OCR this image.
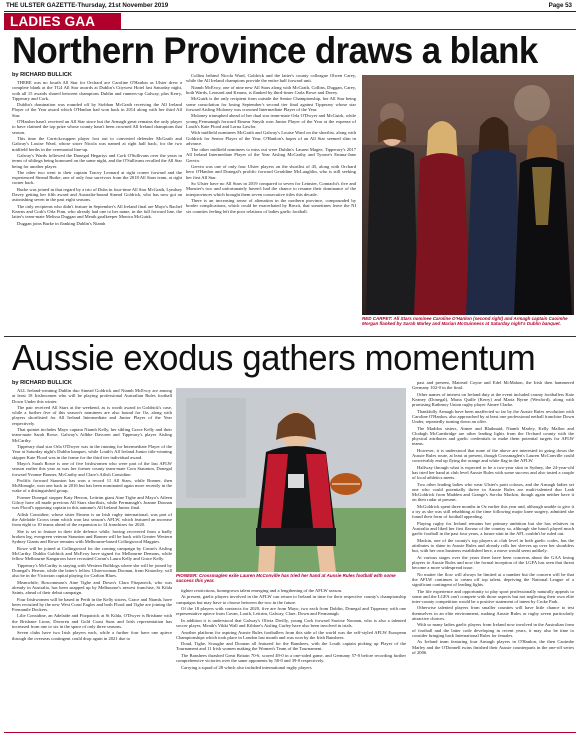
THE ULSTER GAZETTE-Thursday, 21st November 2019	Page 53
LADIES GAA
Northern Province draws a blank
by RICHARD BULLICK

THERE was no fourth All Star for Orchard ace Caroline O'Hanlon as Ulster drew a complete blank at the TG4 All Star awards at Dublin's Citywest Hotel last Saturday night, with all 15 awards shared between champions Dublin and runners-up Galway, plus Kerry, Tipperary and Cork.

Dublin's domination was rounded off by Siobhan McGrath receiving the All Ireland Player of the Year award which O'Hanlon had won back in 2014 along with her third All Star.

O'Hanlon hasn't received an All Star since but the Armagh great remains the only player to have claimed the top prize whose county hasn't been crowned All Ireland champions that season.

This time the Carrickcruppen player lost out to converted defender McGrath and Galway's Louise Ward, whose sister Nicola was named at right half back, for the two midfield berths in the ceremonial line-up.

Galway's Wards followed the Donegal Hegartys and Cork O'Sullivans over the years in terms of siblings being honoured on the same night, and the O'Sullivans recalled the All Star being for another player.

The other two went to their captain Tracey Leonard at right corner forward and the experienced Sinead Burke, one of only four survivors from the 2018 All Stars team, at right corner back.

Burke was joined in that regard by a trio of Dubs in four-time All Star McGrath, Lyndsey Davey getting her fifth award and Australia-bound Sinead Goldrick, who has now got an astonishing seven in the past eight seasons.

The only recipients who didn't feature in September's All Ireland final are Mayo's Rachel Kearns and Cork's Orla Finn, who already had one to her name, in the full forward line, the latter's team-mate Melissa Duggan and Meath goalkeeper Monica McGuirk.

Duggan joins Burke in flanking Dublin's Niamh

Collins behind Nicola Ward, Goldrick and the latter's county colleague Olwen Carey, while the All Ireland champions provide the entire half forward unit.

Niamh McEvoy, one of nine new All Stars along with McGrath, Collins, Duggan, Carey, both Wards, Leonard and Kearns, is flanked by third-timer Carla Rowe and Davey.

McGuirk is the only recipient from outside the Senior Championship, her All Star being some consolation for losing September's second tier final against Tipperary whose star forward Aisling Moloney was crowned Intermediate Player of the Year.

Moloney triumphed ahead of her dual star team-mate Orla O'Dwyer and McGuirk, while young Fermanagh forward Eimear Smyth won Junior Player of the Year at the expense of Louth's Kate Flood and Lorna Lawlor.

With midfield nominees McGrath and Galway's Louise Ward on the shortlist, along with Goldrick for Senior Player of the Year, O'Hanlon's hopes of an All Star seemed slim in advance.

The other midfield nominees to miss out were Dublin's Lauren Magee, Tipperary's 2017 All Ireland Intermediate Player of the Year Aisling McCarthy and Tyrone's Emma-Jane Gervin.

Gervin was one of only four Ulster players on the shortlist of 45, along with Orchard hero O'Hanlon and Donegal's prolific forward Geraldine McLaughlin, who is still seeking her first All Star.

So Ulster have no All Stars in 2019 compared to seven for Leinster, Connacht's five and Munster's two and unfortunately haven't had the chance to resume their dominance of the interprovinces which brought them seven consecutive titles this decade.

There is an increasing sense of alienation in the northern province, compounded by border complications, which could be exacerbated by Brexit, that sometimes leave the NI six counties feeling left the poor relations of ladies gaelic football.

RED CARPET: All Stars nominee Caroline O'Hanlon (second right) and Armagh captain Caoimhe Morgan flanked by Sarah Marley and Marian McGuinness at Saturday night's Dublin banquet.
Aussie exodus gathers momentum
by RICHARD BULLICK

ALL Ireland-winning Dublin duo Sinead Goldrick and Niamh McEvoy are among at least 18 Irishwomen who will be playing professional Australian Rules football Down Under this winter.

The pair received All Stars at the weekend, as is worth award in Goldrick's case, while a further five of this season's nominees are also bound for Oz, along with players shortlisted for All Ireland Intermediate and Junior Player of the Year respectively.

That quintet includes Mayo captain Niamh Kelly, her sibling Grace Kelly and their team-mate Sarah Rowe, Galway's Ailbhe Davoren and Tipperary's player Aisling McCarthy.

Tipperary dual star Orla O'Dwyer was in the running for Intermediate Player of the Year at Saturday night's Dublin banquet, while Louth's All Ireland Junior title-winning skipper Kate Flood was in the frame for the third tier individual award.

Mayo's Sarah Rowe is one of five Irishwomen who were part of the last AFLW season earlier this year as was her former county team-mate Cora Staunton, Donegal forward Yvonne Bonner, McCarthy and Clare's Ailish Considine.

Prolific forward Staunton has won a record 11 All Stars, while Bonner, then McMonagle, won one back in 2016 but has been nominated again more recently in the wake of a distinguished group.

Former Donegal stopper Katy Herron, Leitrim giant Aine Tighe and Mayo's Aileen Gilroy have all made previous All Stars shortlists, while Fermanagh's Joanne Doonan was Flood's opposing captain in this autumn's All Ireland Junior final.

Ailish Considine, whose sister Eimear is an Irish rugby international, was part of the Adelaide Crows team which won last season's AFLW, which featured an increase from eight to 10 teams ahead of the expansion to 14 franchises for 2020.

She is set to feature in their title defence while, having recovered from a badly broken leg, evergreen veteran Staunton and Bonner will be back with Greater Western Sydney Giants and Rowe remains with Melbourne-based Collingwood Magpies.

Rowe will be joined at Collingwood for the coming campaign by Cavan's Aisling McCarthy. Dublin Goldrick and McEvoy have signed for Melbourne Demons, while fellow Melbourne Kangaroos have recruited Cavan's Laura Kelly and Grace Kelly.

Tipperary's McCarthy is staying with Western Bulldogs where she will be joined by Donegal's Herron, while the latter's fellow Ulsterwoman Doonan, from Kinawley, will also be in the Victorian capital playing for Carlton Blues.

Meanwhile, Roscommon's Aine Tighe and Down's Clara Fitzpatrick, who was already in Australia, has been snapped up by Melbourne's newest franchise, St Kilda Saints, ahead of their debut campaign.

Four Irishwomen will be based in Perth in the Kelly sisters, Grace and Niamh, have been recruited by the new West Coast Eagles and both Flood and Tighe are joining the Fremantle Dockers.

Lilie Considine, an Adelaide and Fitzpatrick at St Kilda, O'Dwyer is Brisbane with the Brisbane Lions, Davoren and Gold Coast Suns and Irish representation has increased from one to six in the space of only three seasons.

Seven clubs have two Irish players each, while a further four have one apiece through the overseas contingent could drop again in 2021 due to

PIONEER: Crossmaglen exile Lauren McConville has tried her hand at Aussie Rules football with some success this year.

tighter restrictions, homegrown talent emerging and a lengthening of the AFLW season.

At present, gaelic players involved in the AFLW can return to Ireland in time for their respective county's championship campaigns but may have to choose between the two in the future.

Of the 18 players with contracts for 2020, five are from Mayo, two each from Dublin, Donegal and Tipperary with one representative apiece from Cavan, Louth, Leitrim, Galway, Clare, Down and Fermanagh.

In addition it is understood that Galway's Olivia Divilly, young Cork forward Saoirse Noonan, who is also a talented soccer player, Meath's Vikki Wall and Kildare's Aisling Curley have also been involved in trials.

Another platform for aspiring Aussie Rules footballers from this side of the world was the self-styled AFLW European Championships which took place in London last month and was won by the Irish Banshees.

Doud, Tighe, Scoughe and Doonan all featured for the Banshees, with the Louth captain picking up Player of the Tournament and 11 Irish women making the Women's Team of the Tournament.

The Banshees thrashed Great Britain 70-6, scored 49-0 in a one-sided game, and Germany 57-0 before recording further comprehensive victories over the same opponents by 58-0 and 39-0 respectively.

Carrying a squad of 28 which also included international rugby players

past and present, Mairead Coyne and Edel McMahon, the Irish then hammered Germany 102-0 in the final.

Other names of interest on Ireland duty at the event included county footballers Kate Keaney (Donegal), Maria Quille (Kerry) and Maria Byrne (Wexford), along with promising Rathmoy Union rugby player Aimee Clarke.

Thankfully Armagh have been unaffected so far by the Aussie Rules revolution with Caroline O'Hanlon, also approached by at least one professional netball franchise Down Under, repeatedly turning down an offer.

The Maddox sisters, Aimee and Blathnaid, Niamh Marley, Kelly Mallon and Clodagh McCambridge are other leading lights from the Orchard county with the physical attributes and gaelic credentials to make them potential targets for AFLW teams.

However, it is understood that none of the above are interested in going down the Aussie Rules route, at least at present, though Crossmaglen's Lauren McConville could conceivably end up flying the orange and white flag in the AFLW.

Halfway through what is expected to be a two-year stint in Sydney, the 24-year-old has tried her hand at club level Aussie Rules with some success and also tasted a couple of local athletics meets.

Two other leading ladies who wear Ulster's parti colours, and the Armagh ladies set one who could potentially thrive in Aussie Rules are multi-talented duo Leah McGoldrick from Madden and Grange's Sorcha Mackin, though again neither have it on their radar at present.

McGoldrick spent three months in Oz earlier this year and, although unable to give it a try as she was still rehabbing at the time following major knee surgery, admitted she found their form of football appealing.

Playing rugby for Ireland remains her primary ambition but she has relatives in Australia and liked her first flavour of the country so, although she hasn't played much gaelic football in the past four years, a future stint in the AFL couldn't be ruled out.

Mackin, one of the county's top players at club level in both gaelic codes, has the attributes to shine in Aussie Rules and already rolls her sleeves up over her shoulders but, with her own business established here, a move would seem unlikely.

At various stages over the years there have been concerns about the GAA losing players to Aussie Rules and now the formal inception of the LGFA has seen that threat become a more widespread issue.

No matter the flow will always be limited at a number but the concern will be that the AFLW continues to cream off top talent, depriving the National League of a significant contingent of leading lights.

The life experience and opportunity to play sport professionally naturally appeals to some and the LGFA can't compete with those aspects but not neglecting their own elite inter-county competition would be a positive statement of intent by Croke Park.

Otherwise talented players from smaller counties will have little chance to test themselves in an elite environment, making Aussie Rules or rugby seven particularly attractive choices.

With so many ladies gaelic players from Ireland now involved in the Australian form of football and the latter code developing in recent years, it may also be time to consider bringing back International Rules for females.

As Ireland team featuring four Armagh players in O'Hanlon, the then Caoimhe Marley and the O'Donnell twins finished their Aussie counterparts in the one-off series of 2006.
